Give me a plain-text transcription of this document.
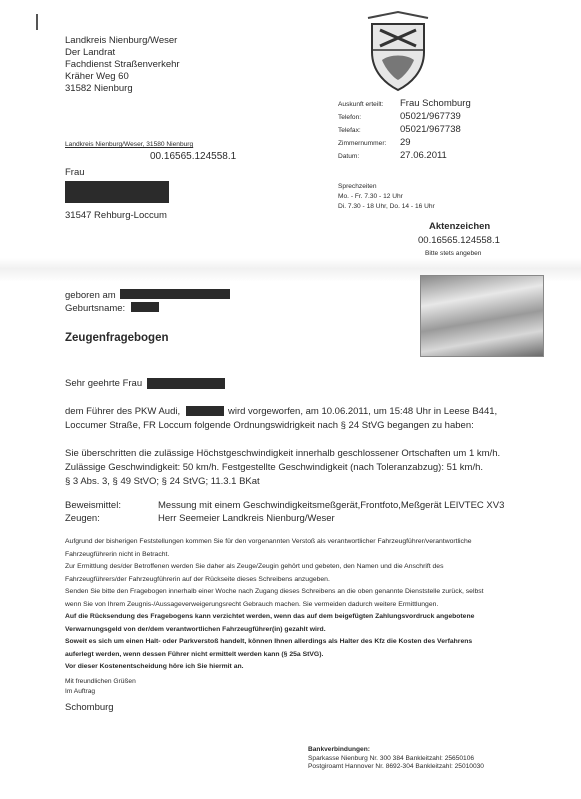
Landkreis Nienburg/Weser
Der Landrat
Fachdienst Straßenverkehr
Kräher Weg 60
31582 Nienburg
Auskunft erteilt: Frau Schomburg
Telefon:	05021/967739
Telefax:	05021/967738
Zimmernummer: 29
Datum:	27.06.2011
Sprechzeiten
Mo. - Fr. 7.30 - 12 Uhr
Di. 7.30 - 18 Uhr, Do. 14 - 16 Uhr
Landkreis Nienburg/Weser, 31580 Nienburg
00.16565.124558.1
Frau
31547 Rehburg-Loccum
Aktenzeichen
00.16565.124558.1
Bitte stets angeben
geboren am
Geburtsname:
Zeugenfragebogen
Sehr geehrte Frau
dem Führer des PKW Audi,	wird vorgeworfen, am 10.06.2011, um 15:48 Uhr in Leese B441,
Loccumer Straße, FR Loccum folgende Ordnungswidrigkeit nach § 24 StVG begangen zu haben:
Sie überschritten die zulässige Höchstgeschwindigkeit innerhalb geschlossener Ortschaften um 1 km/h.
Zulässige Geschwindigkeit: 50 km/h. Festgestellte Geschwindigkeit (nach Toleranzabzug): 51 km/h.
§ 3 Abs. 3, § 49 StVO; § 24 StVG; 11.3.1 BKat
Beweismittel:	Messung mit einem Geschwindigkeitsmeßgerät,Frontfoto,Meßgerät LEIVTEC XV3
Zeugen:	Herr Seemeier Landkreis Nienburg/Weser
Aufgrund der bisherigen Feststellungen kommen Sie für den vorgenannten Verstoß als verantwortlicher Fahrzeugführer/verantwortliche
Fahrzeugführerin nicht in Betracht.
Zur Ermittlung des/der Betroffenen werden Sie daher als Zeuge/Zeugin gehört und gebeten, den Namen und die Anschrift des
Fahrzeugführers/der Fahrzeugführerin auf der Rückseite dieses Schreibens anzugeben.
Senden Sie bitte den Fragebogen innerhalb einer Woche nach Zugang dieses Schreibens an die oben genannte Dienststelle zurück, selbst
wenn Sie von Ihrem Zeugnis-/Aussageverweigerungsrecht Gebrauch machen. Sie vermeiden dadurch weitere Ermittlungen.
Auf die Rücksendung des Fragebogens kann verzichtet werden, wenn das auf dem beigefügten Zahlungsvordruck angebotene
Verwarnungsgeld von der/dem verantwortlichen Fahrzeugführer(in) gezahlt wird.
Soweit es sich um einen Halt- oder Parkverstoß handelt, können Ihnen allerdings als Halter des Kfz die Kosten des Verfahrens
auferlegt werden, wenn dessen Führer nicht ermittelt werden kann (§ 25a StVG).
Vor dieser Kostenentscheidung höre ich Sie hiermit an.
Mit freundlichen Grüßen
Im Auftrag
Schomburg
Bankverbindungen:
Sparkasse Nienburg Nr. 300 384 Bankleitzahl: 25650106
Postgiroamt Hannover Nr. 8692-304 Bankleitzahl: 25010030
